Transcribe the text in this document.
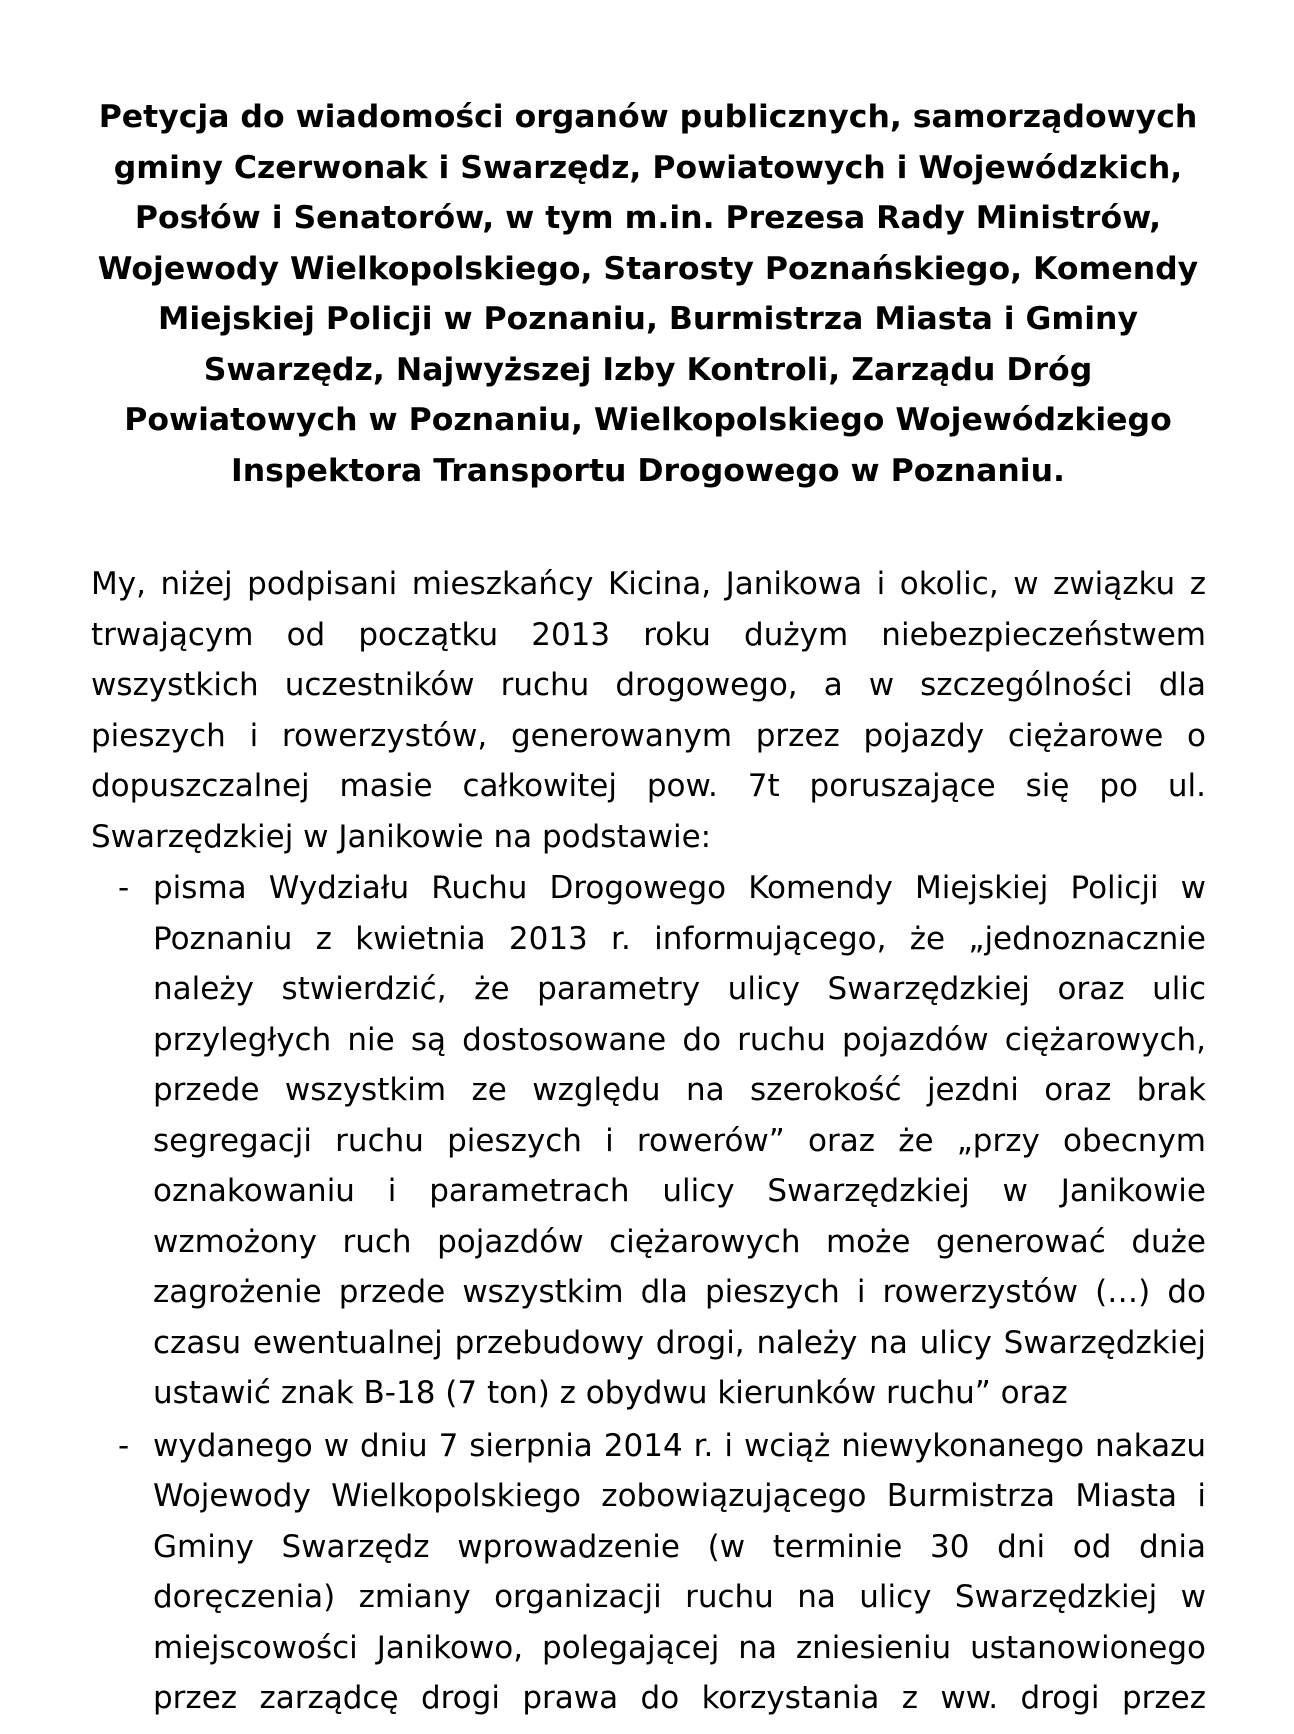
Petycja do wiadomości organów publicznych, samorządowych
gminy Czerwonak i Swarzędz, Powiatowych i Wojewódzkich,
Posłów i Senatorów, w tym m.in. Prezesa Rady Ministrów,
Wojewody Wielkopolskiego, Starosty Poznańskiego, Komendy
Miejskiej Policji w Poznaniu, Burmistrza Miasta i Gminy
Swarzędz, Najwyższej Izby Kontroli, Zarządu Dróg
Powiatowych w Poznaniu, Wielkopolskiego Wojewódzkiego
Inspektora Transportu Drogowego w Poznaniu.
My, niżej podpisani mieszkańcy Kicina, Janikowa i okolic, w związku z
trwającym od początku 2013 roku dużym niebezpieczeństwem
wszystkich uczestników ruchu drogowego, a w szczególności dla
pieszych i rowerzystów, generowanym przez pojazdy ciężarowe o
dopuszczalnej masie całkowitej pow. 7t poruszające się po ul.
Swarzędzkiej w Janikowie na podstawie:
- pisma Wydziału Ruchu Drogowego Komendy Miejskiej Policji w
Poznaniu z kwietnia 2013 r. informującego, że „jednoznacznie
należy stwierdzić, że parametry ulicy Swarzędzkiej oraz ulic
przyległych nie są dostosowane do ruchu pojazdów ciężarowych,
przede wszystkim ze względu na szerokość jezdni oraz brak
segregacji ruchu pieszych i rowerów” oraz że „przy obecnym
oznakowaniu i parametrach ulicy Swarzędzkiej w Janikowie
wzmożony ruch pojazdów ciężarowych może generować duże
zagrożenie przede wszystkim dla pieszych i rowerzystów (…) do
czasu ewentualnej przebudowy drogi, należy na ulicy Swarzędzkiej
ustawić znak B-18 (7 ton) z obydwu kierunków ruchu” oraz
- wydanego w dniu 7 sierpnia 2014 r. i wciąż niewykonanego nakazu
Wojewody Wielkopolskiego zobowiązującego Burmistrza Miasta i
Gminy Swarzędz wprowadzenie (w terminie 30 dni od dnia
doręczenia) zmiany organizacji ruchu na ulicy Swarzędzkiej w
miejscowości Janikowo, polegającej na zniesieniu ustanowionego
przez zarządcę drogi prawa do korzystania z ww. drogi przez
